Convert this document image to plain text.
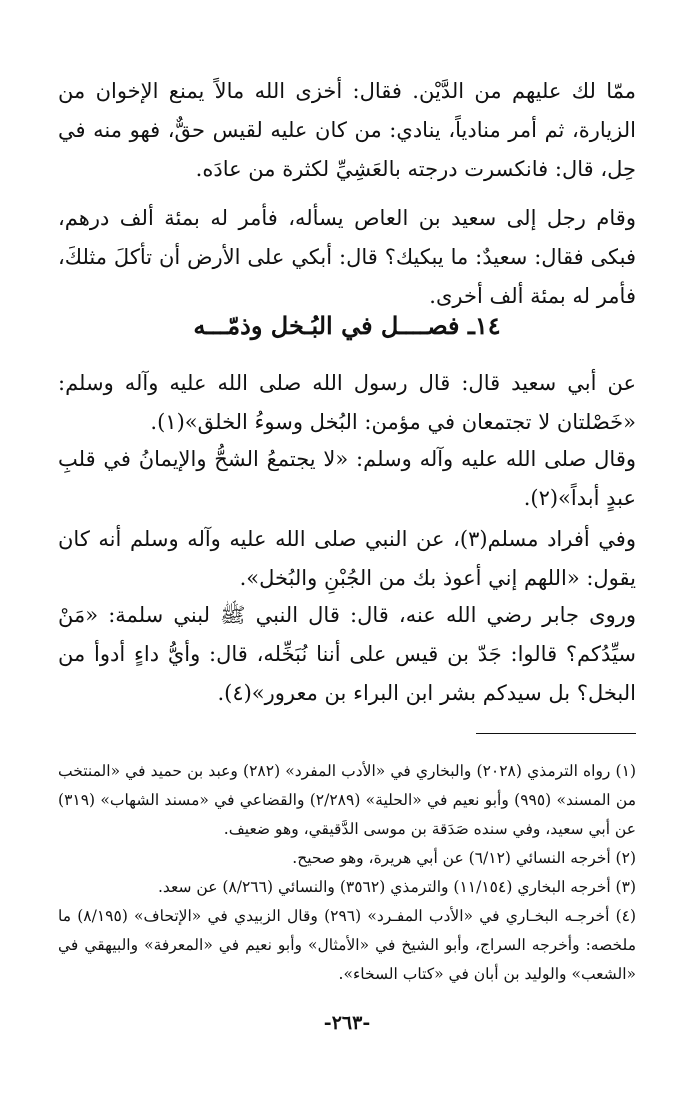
ممّا لك عليهم من الدَّيْن. فقال: أخزى الله مالاً يمنع الإخوان من الزيارة، ثم أمر منادياً، ينادي: من كان عليه لقيس حقٌّ، فهو منه في حِل، قال: فانكسرت درجته بالعَشِيِّ لكثرة من عادَه.

وقام رجل إلى سعيد بن العاص يسأله، فأمر له بمئة ألف درهم، فبكى فقال: سعيدٌ: ما يبكيك؟ قال: أبكي على الأرض أن تأكلَ مثلكَ، فأمر له بمئة ألف أخرى.

١٤ـ فصــــل في البُـخل وذمّـــه

عن أبي سعيد قال: قال رسول الله صلى الله عليه وآله وسلم: «خَصْلتان لا تجتمعان في مؤمن: البُخل وسوءُ الخلق»(١).

وقال صلى الله عليه وآله وسلم: «لا يجتمعُ الشحُّ والإيمانُ في قلبِ عبدٍ أبداً»(٢).

وفي أفراد مسلم(٣)، عن النبي صلى الله عليه وآله وسلم أنه كان يقول: «اللهم إني أعوذ بك من الجُبْنِ والبُخل».

وروى جابر رضي الله عنه، قال: قال النبي ﷺ لبني سلمة: «مَنْ سيِّدُكم؟ قالوا: جَدّ بن قيس على أننا نُبَخِّله، قال: وأيُّ داءٍ أدوأ من البخل؟ بل سيدكم بشر ابن البراء بن معرور»(٤).

(١) رواه الترمذي (٢٠٢٨) والبخاري في «الأدب المفرد» (٢٨٢) وعبد بن حميد في «المنتخب من المسند» (٩٩٥) وأبو نعيم في «الحلية» (٢/٢٨٩) والقضاعي في «مسند الشهاب» (٣١٩) عن أبي سعيد، وفي سنده صَدَقة بن موسى الدَّقيقي، وهو ضعيف.

(٢) أخرجه النسائي (٦/١٢) عن أبي هريرة، وهو صحيح.

(٣) أخرجه البخاري (١١/١٥٤) والترمذي (٣٥٦٢) والنسائي (٨/٢٦٦) عن سعد.

(٤) أخرجـه البخـاري في «الأدب المفـرد» (٢٩٦) وقال الزبيدي في «الإتحاف» (٨/١٩٥) ما ملخصه: وأخرجه السراج، وأبو الشيخ في «الأمثال» وأبو نعيم في «المعرفة» والبيهقي في «الشعب» والوليد بن أبان في «كتاب السخاء».

-٢٦٣-
